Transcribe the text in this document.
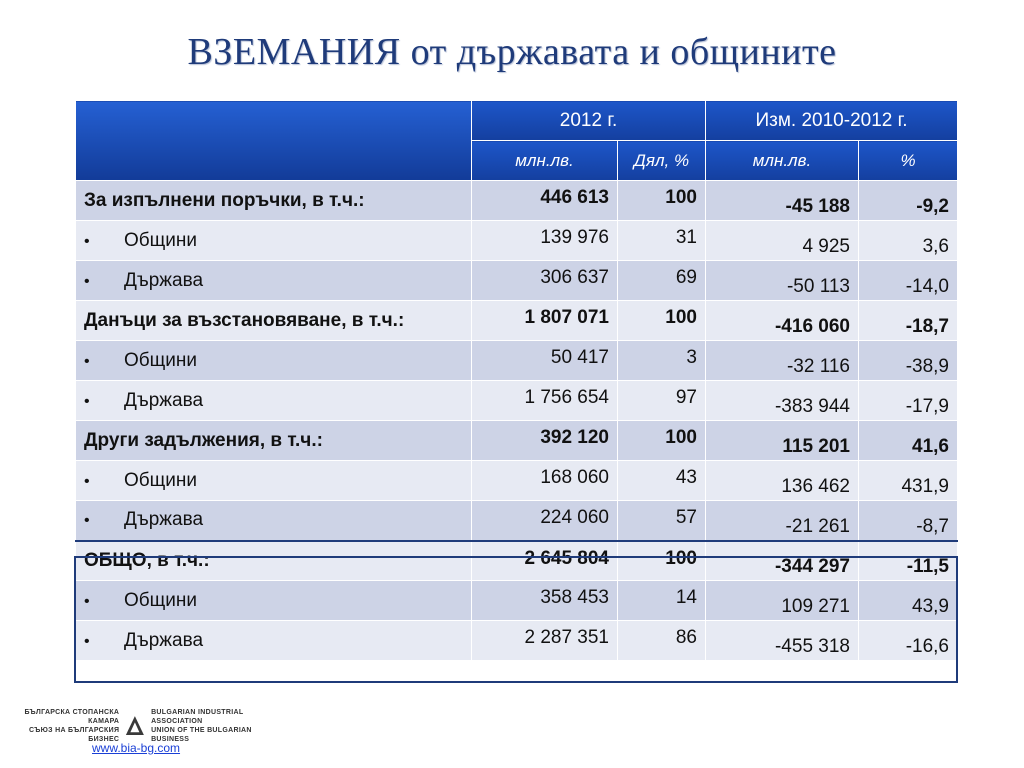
ВЗЕМАНИЯ от държавата и общините
	2012 г.		Изм. 2010-2012 г.	
	млн.лв.	Дял, %	млн.лв.	%
За изпълнени поръчки, в т.ч.:	446 613	100	-45 188	-9,2
• Общини	139 976	31	4 925	3,6
• Държава	306 637	69	-50 113	-14,0
Данъци за възстановяване, в т.ч.:	1 807 071	100	-416 060	-18,7
• Общини	50 417	3	-32 116	-38,9
• Държава	1 756 654	97	-383 944	-17,9
Други задължения, в т.ч.:	392 120	100	115 201	41,6
• Общини	168 060	43	136 462	431,9
• Държава	224 060	57	-21 261	-8,7
ОБЩО, в т.ч.:	2 645 804	100	-344 297	-11,5
• Общини	358 453	14	109 271	43,9
• Държава	2 287 351	86	-455 318	-16,6
БЪЛГАРСКА СТОПАНСКА КАМАРА
СЪЮЗ НА БЪЛГАРСКИЯ БИЗНЕС
BULGARIAN INDUSTRIAL ASSOCIATION
UNION OF THE BULGARIAN BUSINESS
www.bia-bg.com
